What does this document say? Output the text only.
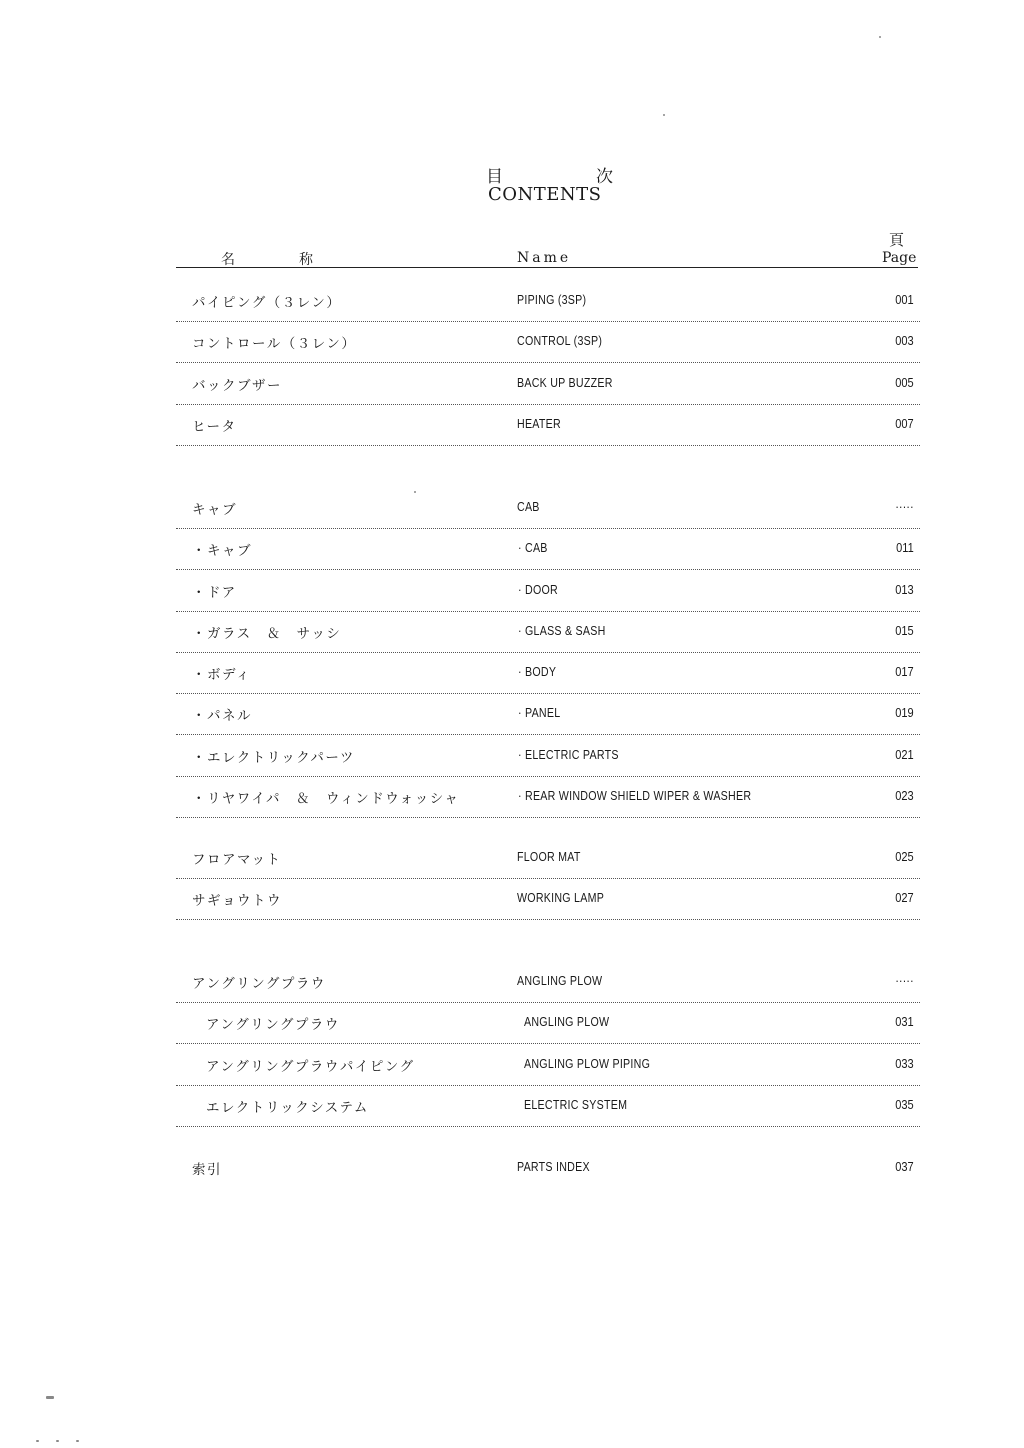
目	次
CONTENTS
名	称	Name
頁
Page
パイピング（３レン）	PIPING (3SP)	001
コントロール（３レン）	CONTROL (3SP)	003
バックブザー	BACK UP BUZZER	005
ヒータ	HEATER	007
キャブ	CAB	·····
・キャブ	· CAB	011
・ドア	· DOOR	013
・ガラス　＆　サッシ	· GLASS & SASH	015
・ボディ	· BODY	017
・パネル	· PANEL	019
・エレクトリックパーツ	· ELECTRIC PARTS	021
・リヤワイパ　＆　ウィンドウォッシャ	· REAR WINDOW SHIELD WIPER & WASHER	023
フロアマット	FLOOR MAT	025
サギョウトウ	WORKING LAMP	027
アングリングプラウ	ANGLING PLOW	·····
アングリングプラウ	ANGLING PLOW	031
アングリングプラウパイピング	ANGLING PLOW PIPING	033
エレクトリックシステム	ELECTRIC SYSTEM	035
索引	PARTS INDEX	037
